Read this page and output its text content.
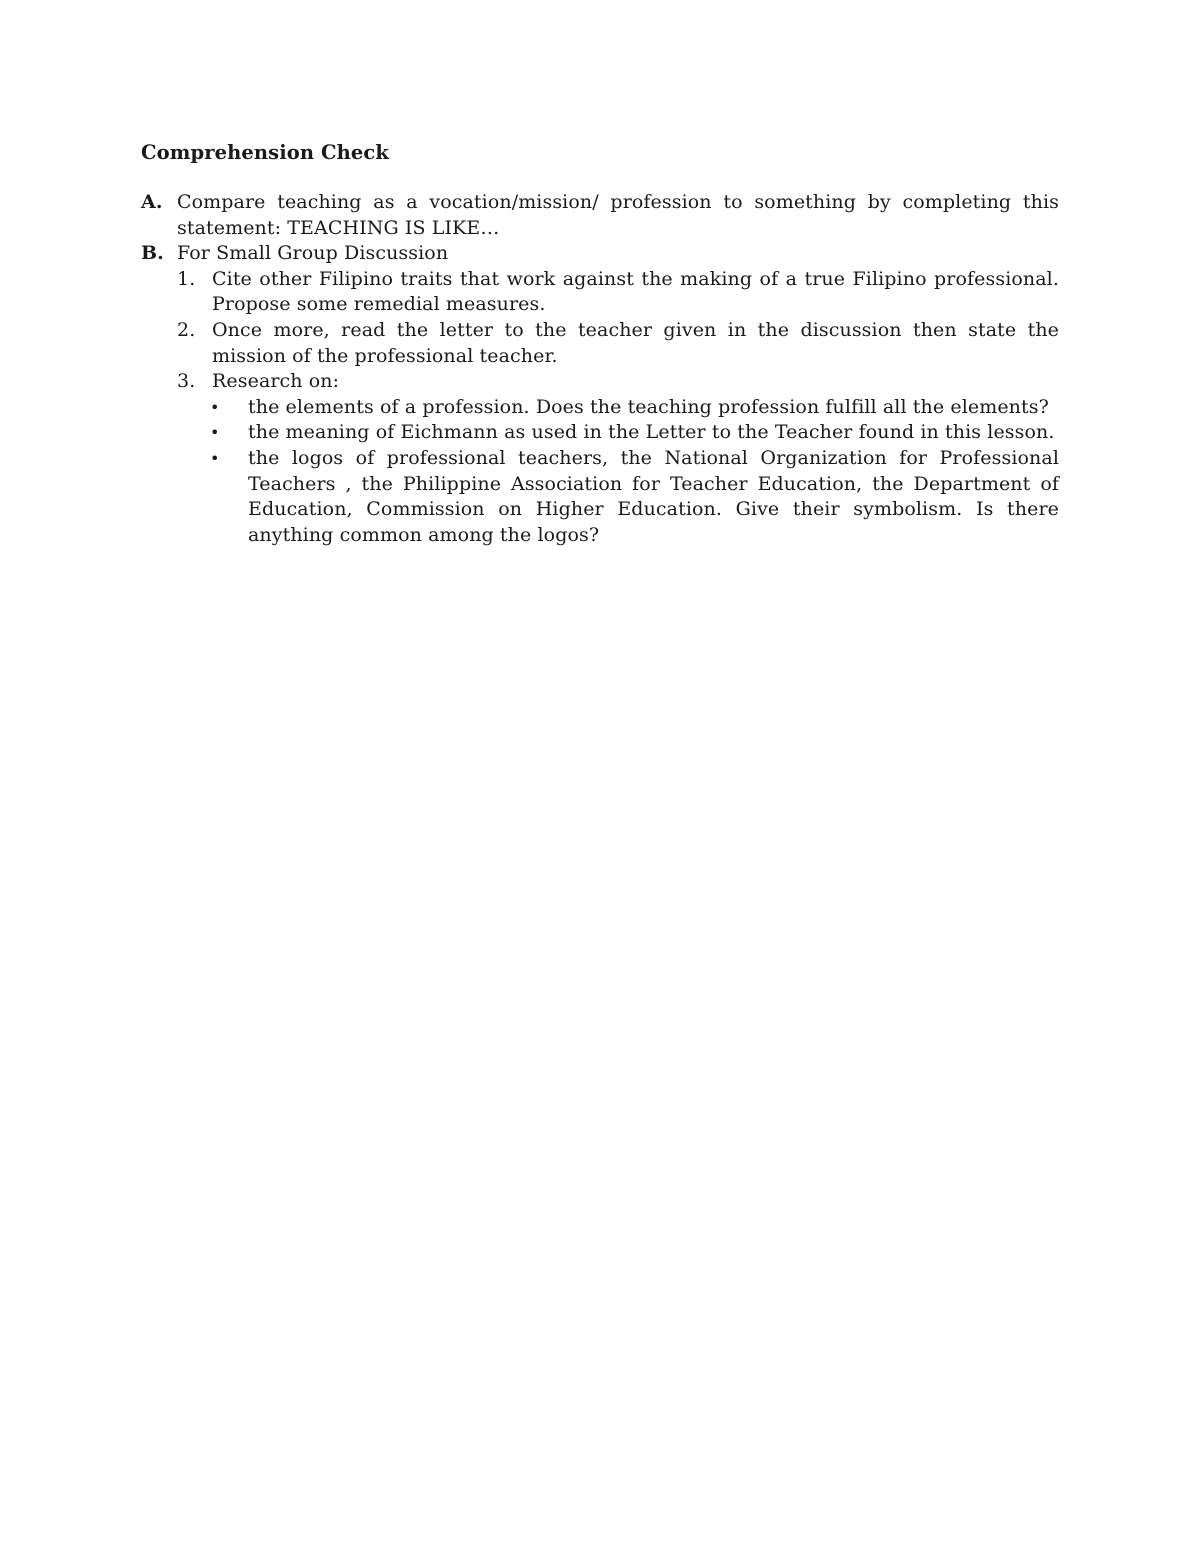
Comprehension Check
A. Compare teaching as a vocation/mission/ profession to something by completing this statement: TEACHING IS LIKE…
B. For Small Group Discussion
1. Cite other Filipino traits that work against the making of a true Filipino professional. Propose some remedial measures.
2. Once more, read the letter to the teacher given in the discussion then state the mission of the professional teacher.
3. Research on:
• the elements of a profession. Does the teaching profession fulfill all the elements?
• the meaning of Eichmann as used in the Letter to the Teacher found in this lesson.
• the logos of professional teachers, the National Organization for Professional Teachers , the Philippine Association for Teacher Education, the Department of Education, Commission on Higher Education. Give their symbolism. Is there anything common among the logos?
